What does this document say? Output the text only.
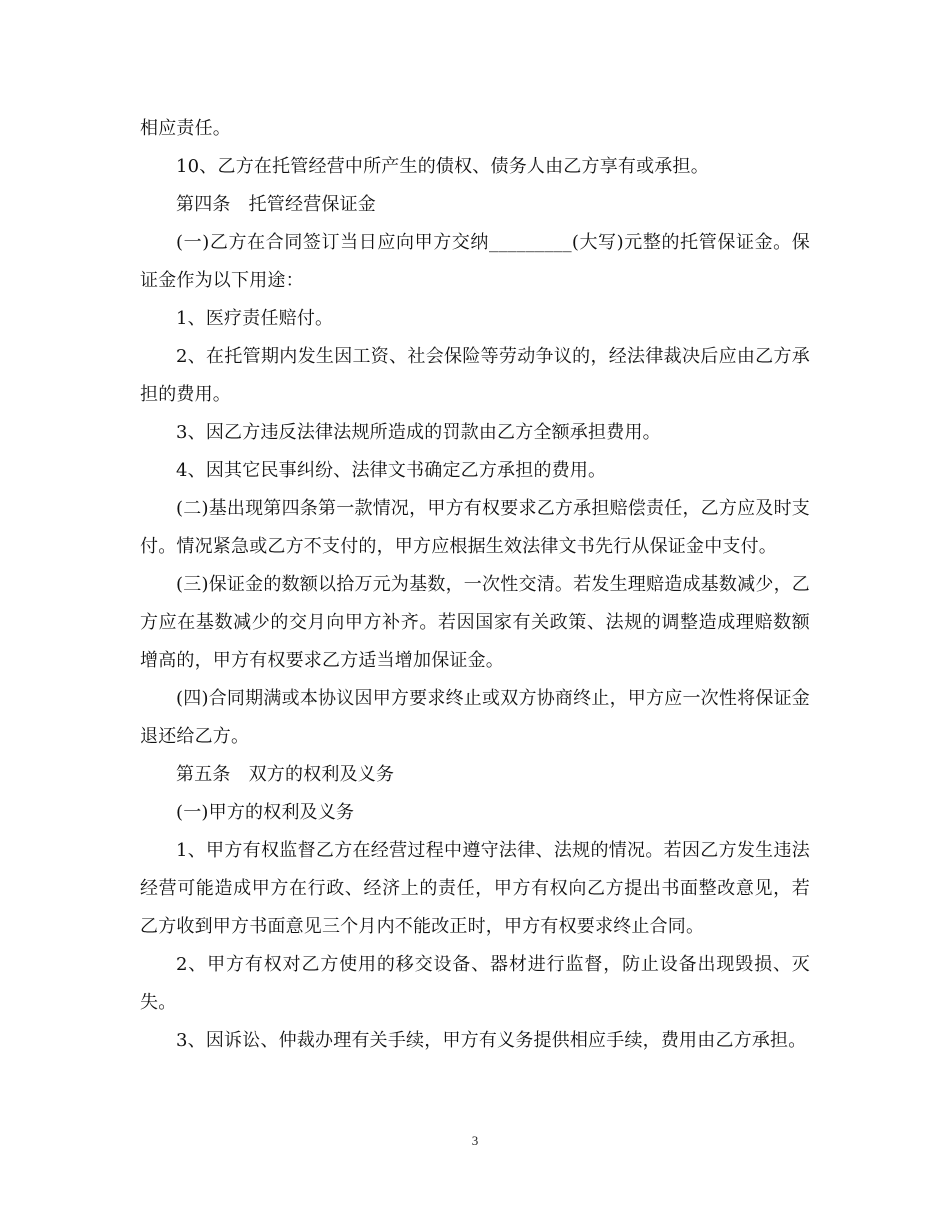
相应责任。

10、乙方在托管经营中所产生的债权、债务人由乙方享有或承担。

第四条 托管经营保证金

(一)乙方在合同签订当日应向甲方交纳_________(大写)元整的托管保证金。保证金作为以下用途：

1、医疗责任赔付。

2、在托管期内发生因工资、社会保险等劳动争议的，经法律裁决后应由乙方承担的费用。

3、因乙方违反法律法规所造成的罚款由乙方全额承担费用。

4、因其它民事纠纷、法律文书确定乙方承担的费用。

(二)基出现第四条第一款情况，甲方有权要求乙方承担赔偿责任，乙方应及时支付。情况紧急或乙方不支付的，甲方应根据生效法律文书先行从保证金中支付。

(三)保证金的数额以拾万元为基数，一次性交清。若发生理赔造成基数减少，乙方应在基数减少的交月向甲方补齐。若因国家有关政策、法规的调整造成理赔数额增高的，甲方有权要求乙方适当增加保证金。

(四)合同期满或本协议因甲方要求终止或双方协商终止，甲方应一次性将保证金退还给乙方。

第五条 双方的权利及义务

(一)甲方的权利及义务

1、甲方有权监督乙方在经营过程中遵守法律、法规的情况。若因乙方发生违法经营可能造成甲方在行政、经济上的责任，甲方有权向乙方提出书面整改意见，若乙方收到甲方书面意见三个月内不能改正时，甲方有权要求终止合同。

2、甲方有权对乙方使用的移交设备、器材进行监督，防止设备出现毁损、灭失。

3、因诉讼、仲裁办理有关手续，甲方有义务提供相应手续，费用由乙方承担。

3
